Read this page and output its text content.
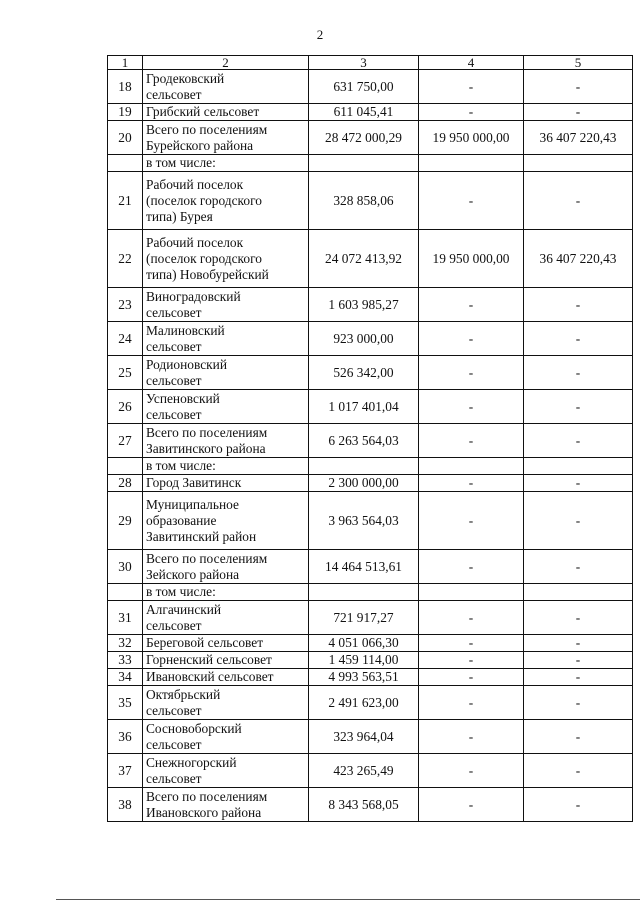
2
1	2	3	4	5
18	Гродековский
сельсовет	631 750,00	-	-
19	Грибский сельсовет	611 045,41	-	-
20	Всего по поселениям
Бурейского района	28 472 000,29	19 950 000,00	36 407 220,43

	в том числе:			

21	Рабочий поселок
(поселок городского
типа) Бурея	328 858,06	-	-
22	Рабочий поселок
(поселок городского
типа) Новобурейский	24 072 413,92	19 950 000,00	36 407 220,43
23	Виноградовский
сельсовет	1 603 985,27	-	-
24	Малиновский
сельсовет	923 000,00	-	-
25	Родионовский
сельсовет	526 342,00	-	-
26	Успеновский
сельсовет	1 017 401,04	-	-
27	Всего по поселениям
Завитинского района	6 263 564,03	-	-

	в том числе:			

28	Город Завитинск	2 300 000,00	-	-
29	Муниципальное
образование
Завитинский район	3 963 564,03	-	-
30	Всего по поселениям
Зейского района	14 464 513,61	-	-

	в том числе:			

31	Алгачинский
сельсовет	721 917,27	-	-
32	Береговой сельсовет	4 051 066,30	-	-
33	Горненский сельсовет	1 459 114,00	-	-
34	Ивановский сельсовет	4 993 563,51	-	-
35	Октябрьский
сельсовет	2 491 623,00	-	-
36	Сосновоборский
сельсовет	323 964,04	-	-
37	Снежногорский
сельсовет	423 265,49	-	-
38	Всего по поселениям
Ивановского района	8 343 568,05	-	-
